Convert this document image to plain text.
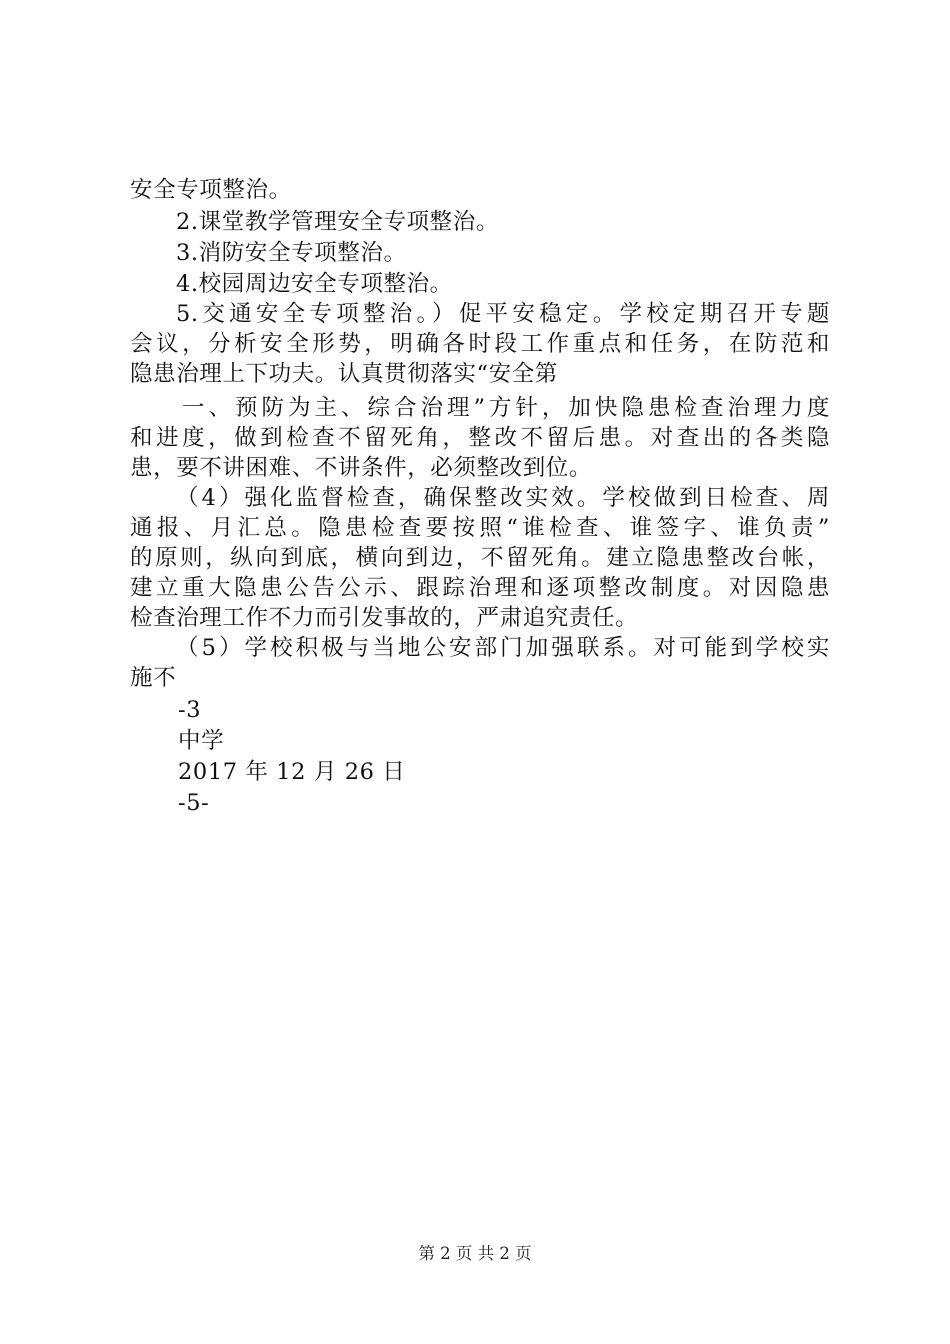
安全专项整治。
2.课堂教学管理安全专项整治。
3.消防安全专项整治。
4.校园周边安全专项整治。
5.交通安全专项整治。）促平安稳定。学校定期召开专题
会议，分析安全形势，明确各时段工作重点和任务，在防范和
隐患治理上下功夫。认真贯彻落实“安全第
一、预防为主、综合治理”方针，加快隐患检查治理力度
和进度，做到检查不留死角，整改不留后患。对查出的各类隐
患，要不讲困难、不讲条件，必须整改到位。
（4）强化监督检查，确保整改实效。学校做到日检查、周
通报、月汇总。隐患检查要按照“谁检查、谁签字、谁负责”
的原则，纵向到底，横向到边，不留死角。建立隐患整改台帐，
建立重大隐患公告公示、跟踪治理和逐项整改制度。对因隐患
检查治理工作不力而引发事故的，严肃追究责任。
（5）学校积极与当地公安部门加强联系。对可能到学校实
施不
-3
中学
2017 年 12 月 26 日
-5-
第 2 页 共 2 页
